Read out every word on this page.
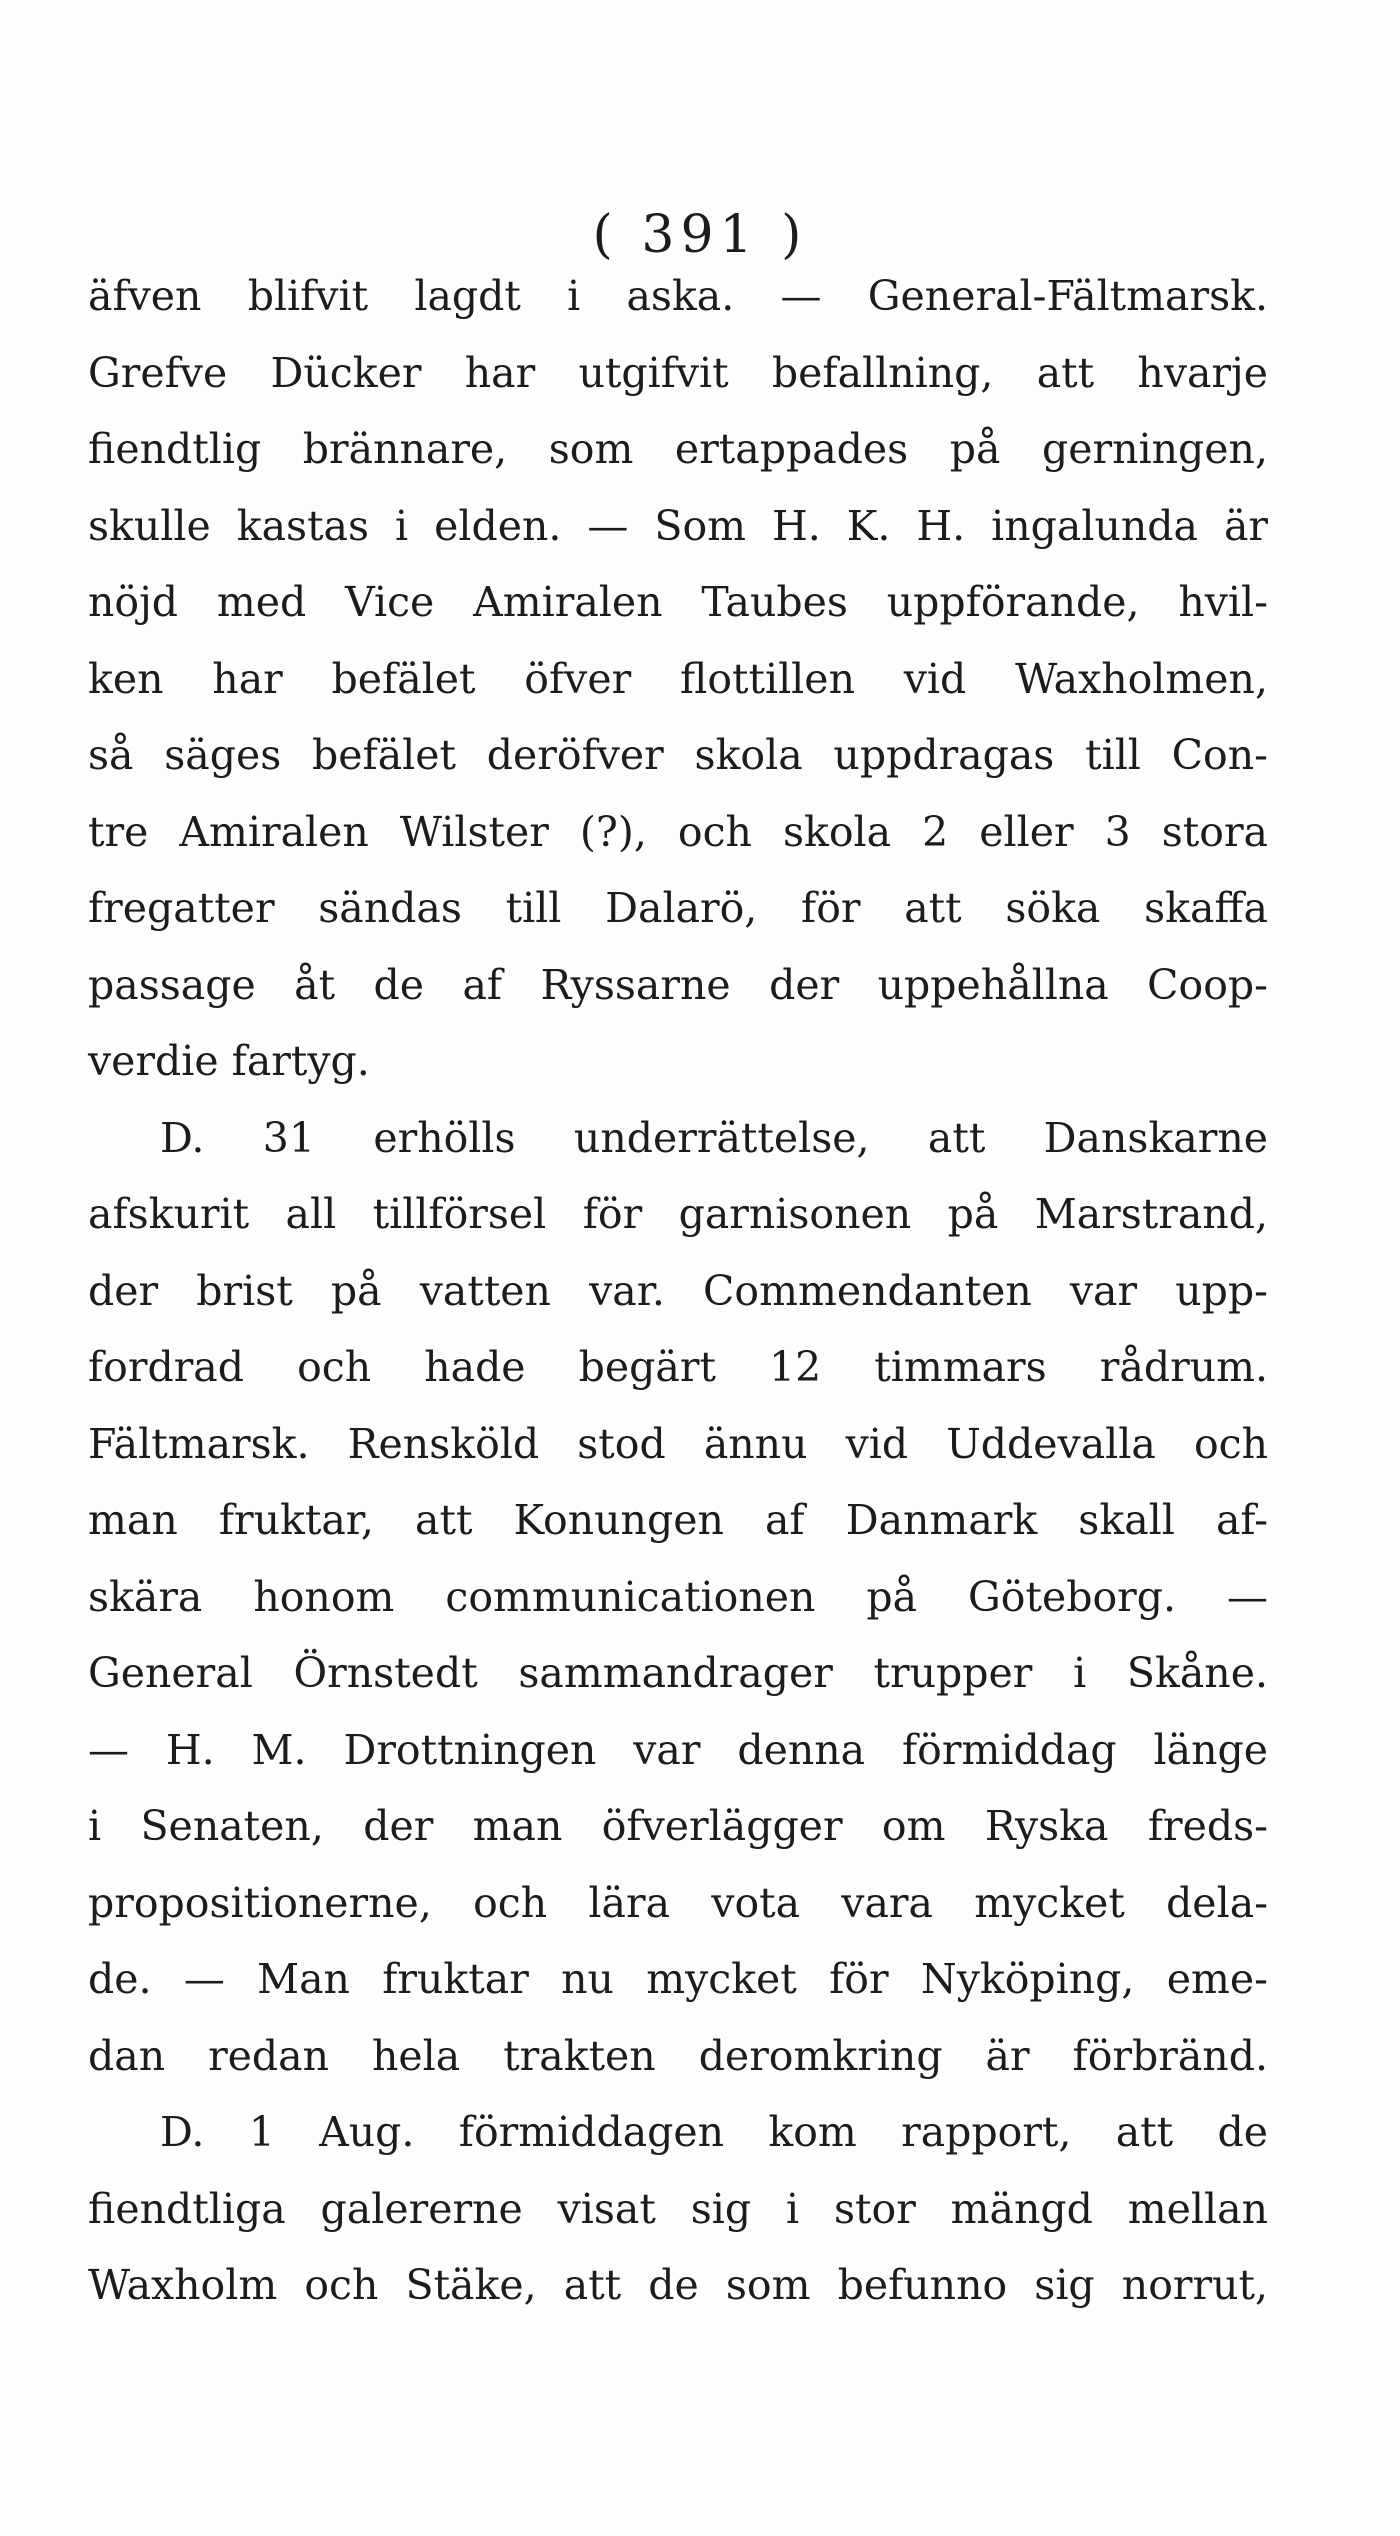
( 391 )
äfven blifvit lagdt i aska. — General-Fältmarsk.
Grefve Dücker har utgifvit befallning, att hvarje
fiendtlig brännare, som ertappades på gerningen,
skulle kastas i elden. — Som H. K. H. ingalunda är
nöjd med Vice Amiralen Taubes uppförande, hvil-
ken har befälet öfver flottillen vid Waxholmen,
så säges befälet deröfver skola uppdragas till Con-
tre Amiralen Wilster (?), och skola 2 eller 3 stora
fregatter sändas till Dalarö, för att söka skaffa
passage åt de af Ryssarne der uppehållna Coop-
verdie fartyg.
D. 31 erhölls underrättelse, att Danskarne
afskurit all tillförsel för garnisonen på Marstrand,
der brist på vatten var. Commendanten var upp-
fordrad och hade begärt 12 timmars rådrum.
Fältmarsk. Rensköld stod ännu vid Uddevalla och
man fruktar, att Konungen af Danmark skall af-
skära honom communicationen på Göteborg. —
General Örnstedt sammandrager trupper i Skåne.
— H. M. Drottningen var denna förmiddag länge
i Senaten, der man öfverlägger om Ryska freds-
propositionerne, och lära vota vara mycket dela-
de. — Man fruktar nu mycket för Nyköping, eme-
dan redan hela trakten deromkring är förbränd.
D. 1 Aug. förmiddagen kom rapport, att de
fiendtliga galererne visat sig i stor mängd mellan
Waxholm och Stäke, att de som befunno sig norrut,
